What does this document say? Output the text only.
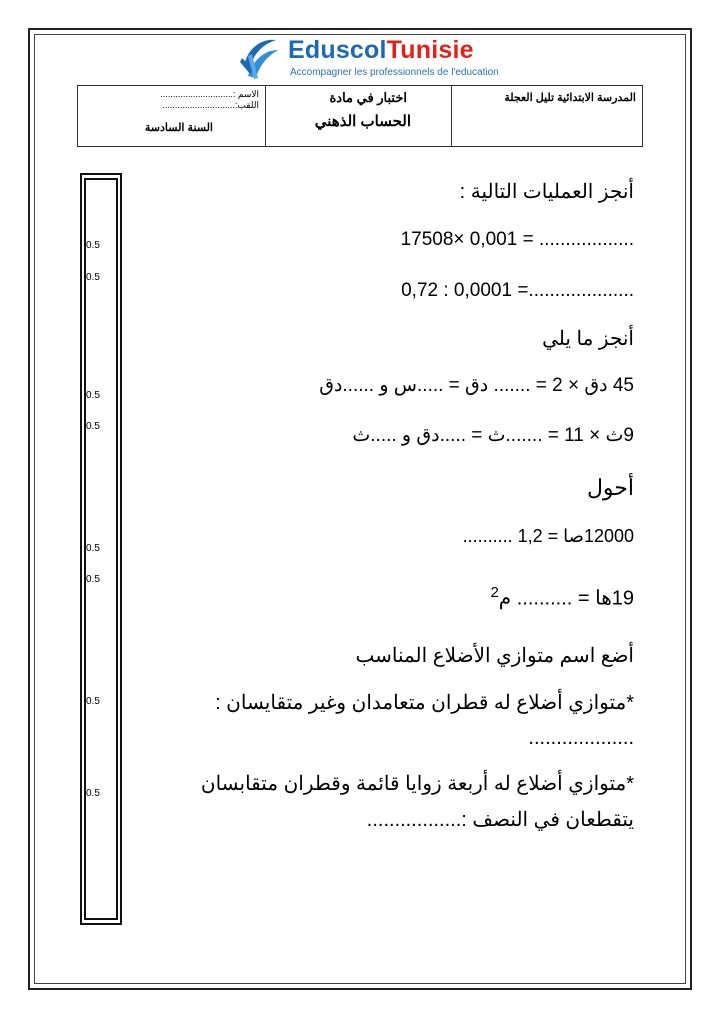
EduscolTunisie
Accompagner les professionnels de l'education
الاسم :.............................
اللقب:.............................
السنة السادسة
اختبار في مادة
الحساب الذهني
المدرسة الابتدائية تليل العجلة
0.5
0.5
0.5
0.5
0.5
0.5
0.5
0.5
أنجز العمليات التالية :
17508× 0,001 = ..................
0,72 : 0,0001 =....................
أنجز ما يلي
45 دق × 2 = ....... دق = .....س و ......دق
9ث × 11 = .......ث = .....دق و .....ث
أحول
12000صا = 1,2 ..........
19ها = .......... م$^2$
أضع اسم متوازي الأضلاع المناسب
*متوازي أضلاع له قطران متعامدان وغير متقايسان :
...................
*متوازي أضلاع له أربعة زوايا قائمة وقطران متقابسان
يتقطعان في النصف :.................
